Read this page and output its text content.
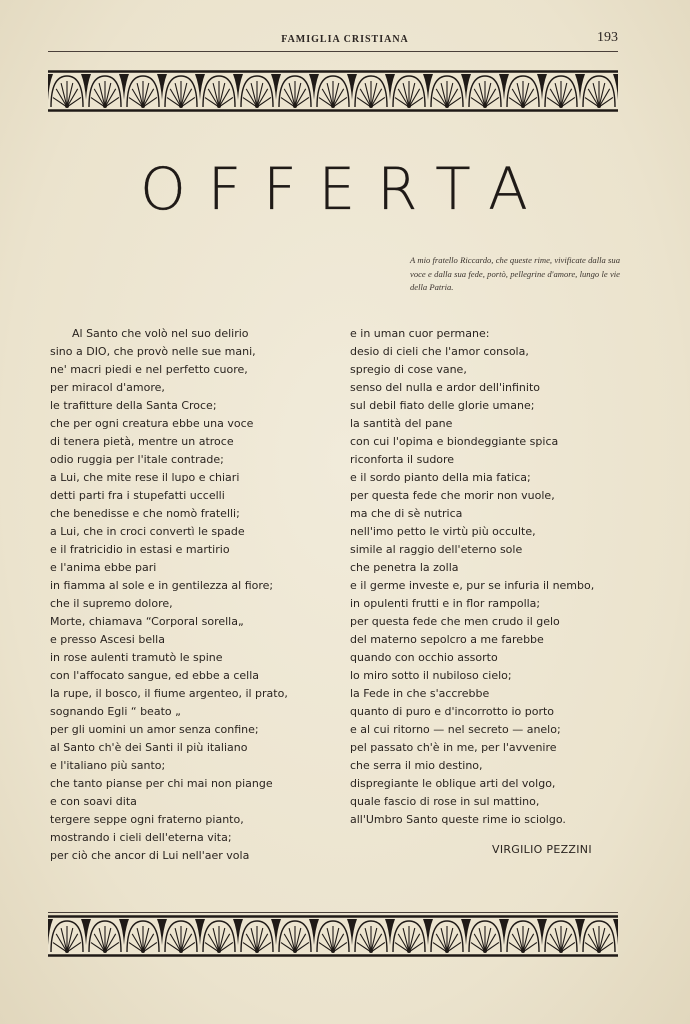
FAMIGLIA CRISTIANA	193
OFFERTA
A mio fratello Riccardo, che queste rime, vivificate dalla sua voce e dalla sua fede, portò, pellegrine d'amore, lungo le vie della Patria.
Al Santo che volò nel suo delirio
sino a DIO, che provò nelle sue mani,
ne' macri piedi e nel perfetto cuore,
per miracol d'amore,
le trafitture della Santa Croce;
che per ogni creatura ebbe una voce
di tenera pietà, mentre un atroce
odio ruggia per l'itale contrade;
a Lui, che mite rese il lupo e chiari
detti parti fra i stupefatti uccelli
che benedisse e che nomò fratelli;
a Lui, che in croci convertì le spade
e il fratricidio in estasi e martirio
e l'anima ebbe pari
in fiamma al sole e in gentilezza al fiore;
che il supremo dolore,
Morte, chiamava “Corporal sorella„
e presso Ascesi bella
in rose aulenti tramutò le spine
con l'affocato sangue, ed ebbe a cella
la rupe, il bosco, il fiume argenteo, il prato,
sognando Egli “ beato „
per gli uomini un amor senza confine;
al Santo ch'è dei Santi il più italiano
e l'italiano più santo;
che tanto pianse per chi mai non piange
e con soavi dita
tergere seppe ogni fraterno pianto,
mostrando i cieli dell'eterna vita;
per ciò che ancor di Lui nell'aer vola
e in uman cuor permane:
desio di cieli che l'amor consola,
spregio di cose vane,
senso del nulla e ardor dell'infinito
sul debil fiato delle glorie umane;
la santità del pane
con cui l'opima e biondeggiante spica
riconforta il sudore
e il sordo pianto della mia fatica;
per questa fede che morir non vuole,
ma che di sè nutrica
nell'imo petto le virtù più occulte,
simile al raggio dell'eterno sole
che penetra la zolla
e il germe investe e, pur se infuria il nembo,
in opulenti frutti e in flor rampolla;
per questa fede che men crudo il gelo
del materno sepolcro a me farebbe
quando con occhio assorto
lo miro sotto il nubiloso cielo;
la Fede in che s'accrebbe
quanto di puro e d'incorrotto io porto
e al cui ritorno — nel secreto — anelo;
pel passato ch'è in me, per l'avvenire
che serra il mio destino,
dispregiante le oblique arti del volgo,
quale fascio di rose in sul mattino,
all'Umbro Santo queste rime io sciolgo.
VIRGILIO PEZZINI
